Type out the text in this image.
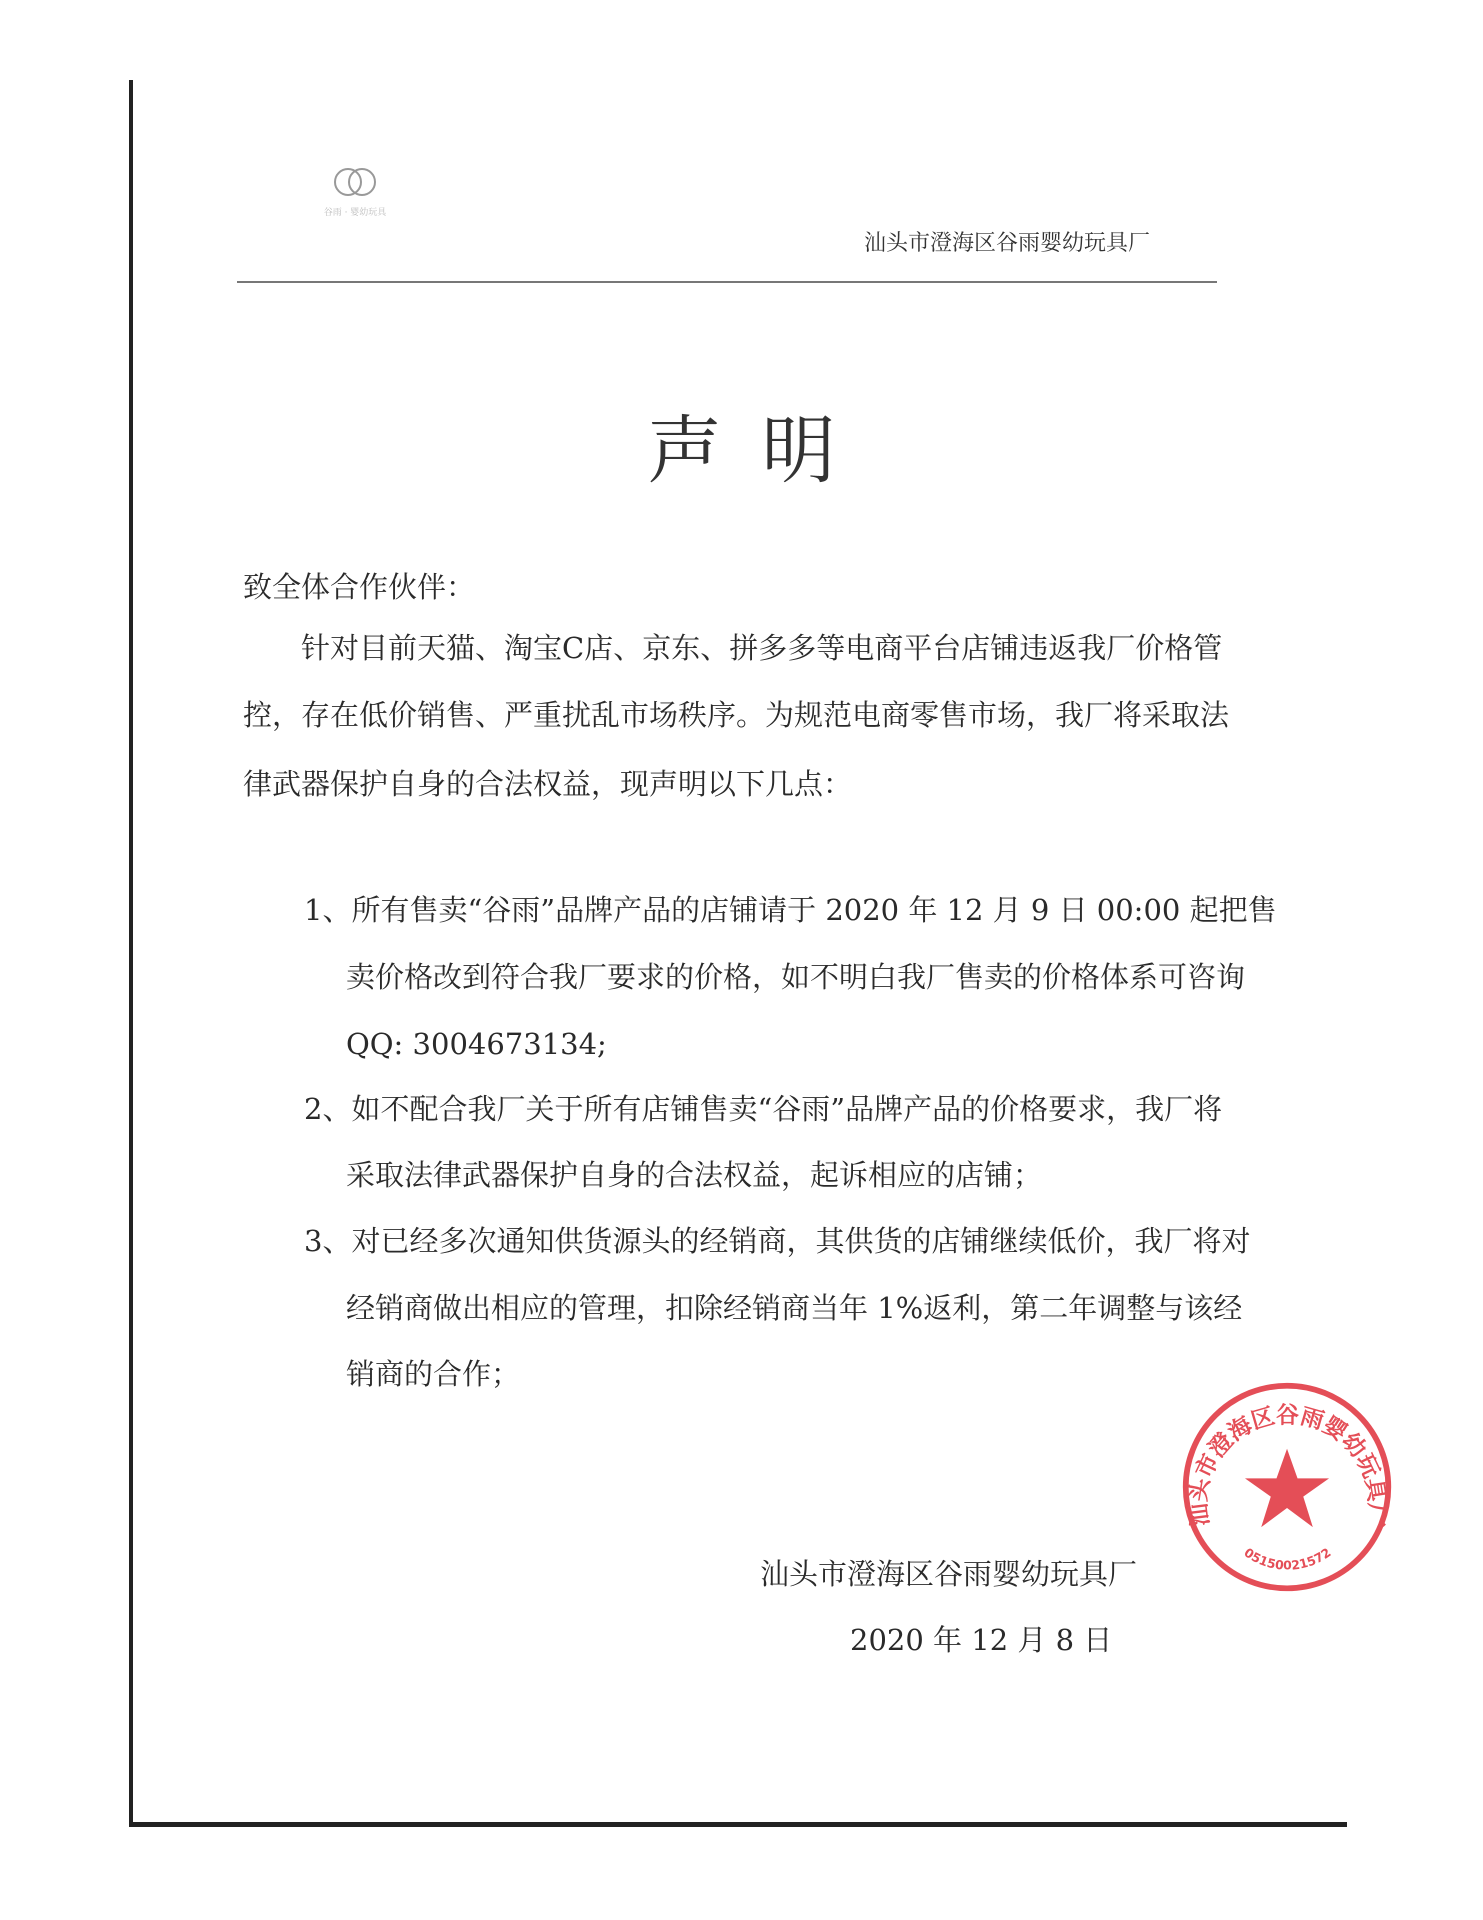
谷雨 · 婴幼玩具
汕头市澄海区谷雨婴幼玩具厂
声明
致全体合作伙伴：
针对目前天猫、淘宝C店、京东、拼多多等电商平台店铺违返我厂价格管
控，存在低价销售、严重扰乱市场秩序。为规范电商零售市场，我厂将采取法
律武器保护自身的合法权益，现声明以下几点：
1、所有售卖“谷雨”品牌产品的店铺请于 2020 年 12 月 9 日 00:00 起把售
卖价格改到符合我厂要求的价格，如不明白我厂售卖的价格体系可咨询
QQ: 3004673134;
2、如不配合我厂关于所有店铺售卖“谷雨”品牌产品的价格要求，我厂将
采取法律武器保护自身的合法权益，起诉相应的店铺；
3、对已经多次通知供货源头的经销商，其供货的店铺继续低价，我厂将对
经销商做出相应的管理，扣除经销商当年 1%返利，第二年调整与该经
销商的合作；
汕头市澄海区谷雨婴幼玩具厂
2020 年 12 月 8 日
汕头市澄海区谷雨婴幼玩具厂
05150021572
